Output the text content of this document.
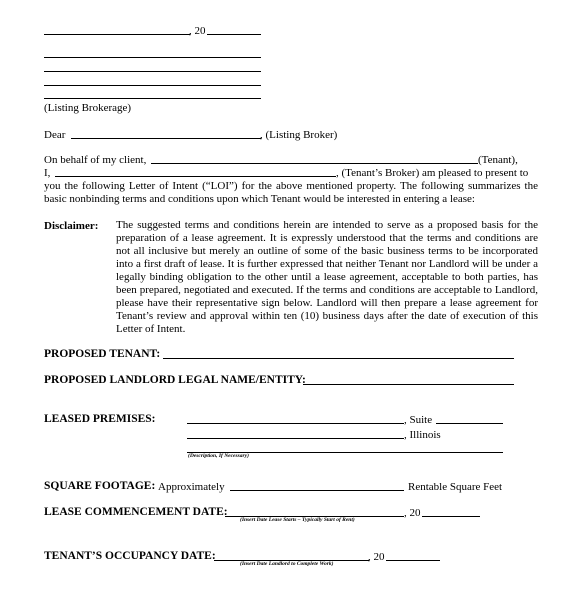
, 20
(Listing Brokerage)
Dear	, (Listing Broker)
On behalf of my client,	(Tenant),
I,	, (Tenant’s Broker) am pleased to present to
you the following Letter of Intent (“LOI”) for the above mentioned property. The following summarizes the basic nonbinding terms and conditions upon which Tenant would be interested in entering a lease:
Disclaimer: The suggested terms and conditions herein are intended to serve as a proposed basis for the preparation of a lease agreement. It is expressly understood that the terms and conditions are not all inclusive but merely an outline of some of the basic business terms to be incorporated into a first draft of lease. It is further expressed that neither Tenant nor Landlord will be under a legally binding obligation to the other until a lease agreement, acceptable to both parties, has been prepared, negotiated and executed. If the terms and conditions are acceptable to Landlord, please have their representative sign below. Landlord will then prepare a lease agreement for Tenant’s review and approval within ten (10) business days after the date of execution of this Letter of Intent.
PROPOSED TENANT:
PROPOSED LANDLORD LEGAL NAME/ENTITY:
LEASED PREMISES:	, Suite
, Illinois
(Description, If Necessary)
SQUARE FOOTAGE: Approximately	Rentable Square Feet
LEASE COMMENCEMENT DATE:	, 20
(Insert Date Lease Starts – Typically Start of Rent)
TENANT’S OCCUPANCY DATE:	, 20
(Insert Date Landlord to Complete Work)
